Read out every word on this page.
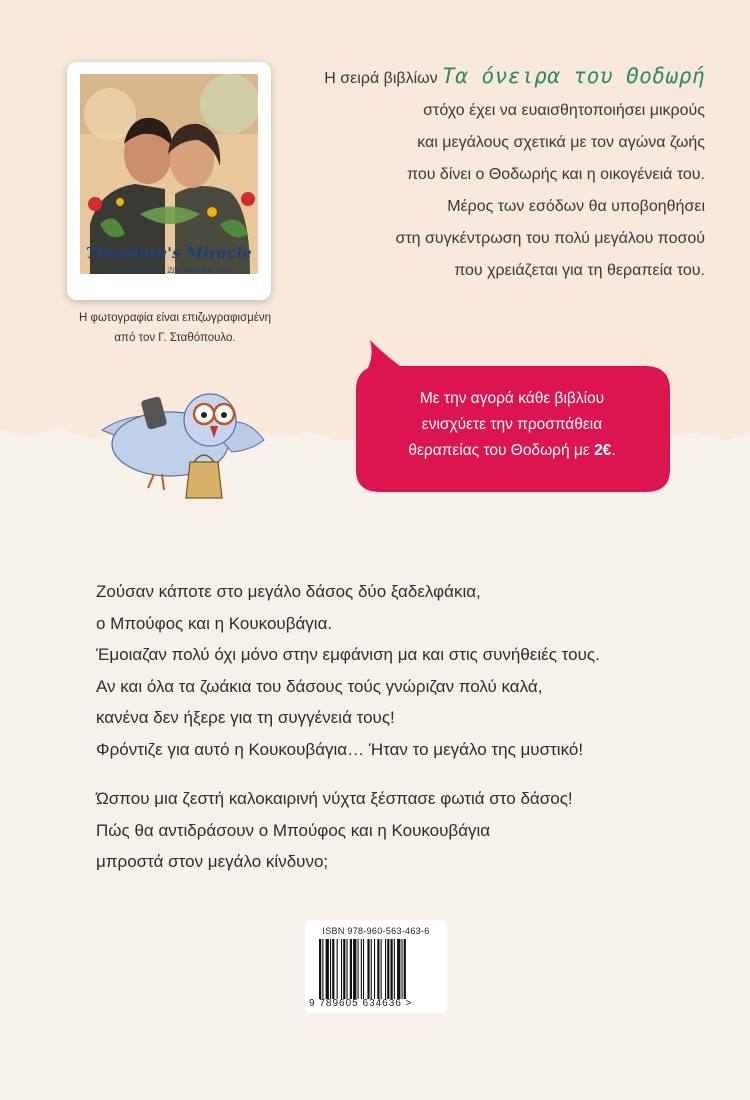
Theodore's Miracle
ΝΕΑ ΕΛΛΗΝΙΚΗ ΖΩΓΡΑΦΙΚΗ 2016
Η φωτογραφία είναι επιζωγραφισμένη
από τον Γ. Σταθόπουλο.
Η σειρά βιβλίων Τα όνειρα του Θοδωρή
στόχο έχει να ευαισθητοποιήσει μικρούς
και μεγάλους σχετικά με τον αγώνα ζωής
που δίνει ο Θοδωρής και η οικογένειά του.
Μέρος των εσόδων θα υποβοηθήσει
στη συγκέντρωση του πολύ μεγάλου ποσού
που χρειάζεται για τη θεραπεία του.
Με την αγορά κάθε βιβλίου
ενισχύετε την προσπάθεια
θεραπείας του Θοδωρή με 2€.
Ζούσαν κάποτε στο μεγάλο δάσος δύο ξαδελφάκια,
ο Μπούφος και η Κουκουβάγια.
Έμοιαζαν πολύ όχι μόνο στην εμφάνιση μα και στις συνήθειές τους.
Αν και όλα τα ζωάκια του δάσους τούς γνώριζαν πολύ καλά,
κανένα δεν ήξερε για τη συγγένειά τους!
Φρόντιζε για αυτό η Κουκουβάγια… Ήταν το μεγάλο της μυστικό!
Ώσπου μια ζεστή καλοκαιρινή νύχτα ξέσπασε φωτιά στο δάσος!
Πώς θα αντιδράσουν ο Μπούφος και η Κουκουβάγια
μπροστά στον μεγάλο κίνδυνο;
ISBN 978-960-563-463-6
9 789605 634636 >
